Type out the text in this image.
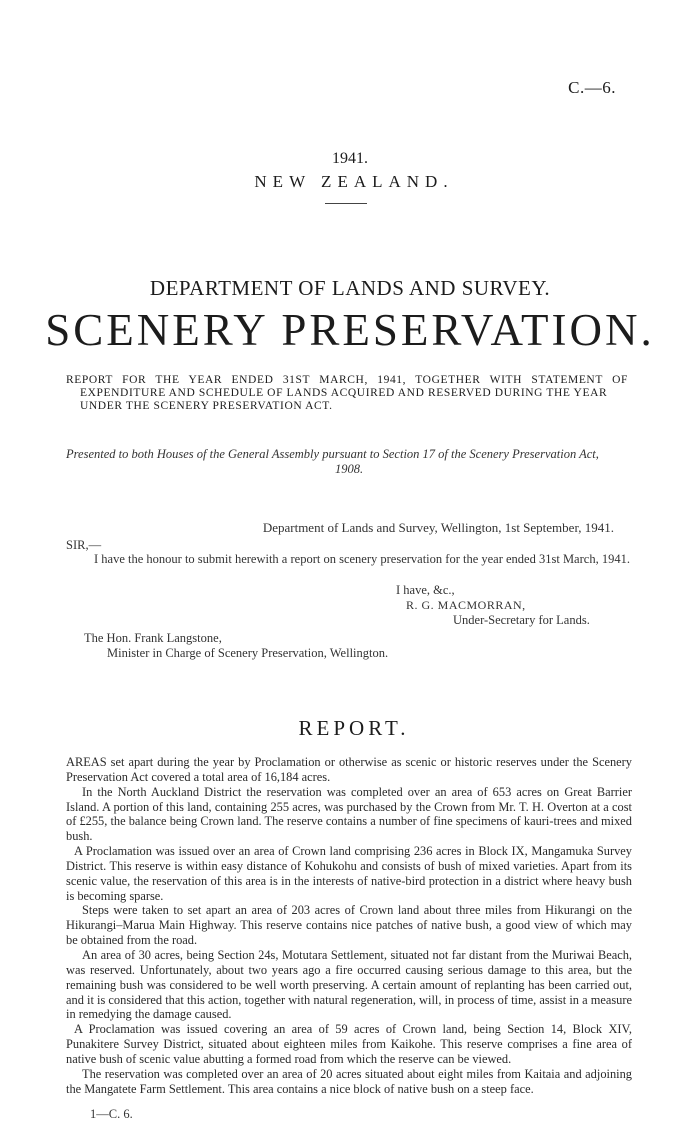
C.—6.
1941.
NEW ZEALAND.
DEPARTMENT OF LANDS AND SURVEY.
SCENERY PRESERVATION.
REPORT FOR THE YEAR ENDED 31ST MARCH, 1941, TOGETHER WITH STATEMENT OF
EXPENDITURE AND SCHEDULE OF LANDS ACQUIRED AND RESERVED DURING THE YEAR
UNDER THE SCENERY PRESERVATION ACT.
Presented to both Houses of the General Assembly pursuant to Section 17 of the Scenery Preservation Act,
1908.
Department of Lands and Survey, Wellington, 1st September, 1941.
SIR,—
I have the honour to submit herewith a report on scenery preservation for the year ended 31st March, 1941.
I have, &c.,
R. G. MACMORRAN,
Under-Secretary for Lands.
The Hon. Frank Langstone,
Minister in Charge of Scenery Preservation, Wellington.
REPORT.

AREAS set apart during the year by Proclamation or otherwise as scenic or historic reserves under the Scenery Preservation Act covered a total area of 16,184 acres.

In the North Auckland District the reservation was completed over an area of 653 acres on Great Barrier Island. A portion of this land, containing 255 acres, was purchased by the Crown from Mr. T. H. Overton at a cost of £255, the balance being Crown land. The reserve contains a number of fine specimens of kauri-trees and mixed bush.

A Proclamation was issued over an area of Crown land comprising 236 acres in Block IX, Mangamuka Survey District. This reserve is within easy distance of Kohukohu and consists of bush of mixed varieties. Apart from its scenic value, the reservation of this area is in the interests of native-bird protection in a district where heavy bush is becoming sparse.

Steps were taken to set apart an area of 203 acres of Crown land about three miles from Hikurangi on the Hikurangi–Marua Main Highway. This reserve contains nice patches of native bush, a good view of which may be obtained from the road.

An area of 30 acres, being Section 24s, Motutara Settlement, situated not far distant from the Muriwai Beach, was reserved. Unfortunately, about two years ago a fire occurred causing serious damage to this area, but the remaining bush was considered to be well worth preserving. A certain amount of replanting has been carried out, and it is considered that this action, together with natural regeneration, will, in process of time, assist in a measure in remedying the damage caused.

A Proclamation was issued covering an area of 59 acres of Crown land, being Section 14, Block XIV, Punakitere Survey District, situated about eighteen miles from Kaikohe. This reserve comprises a fine area of native bush of scenic value abutting a formed road from which the reserve can be viewed.

The reservation was completed over an area of 20 acres situated about eight miles from Kaitaia and adjoining the Mangatete Farm Settlement. This area contains a nice block of native bush on a steep face.

1—C. 6.
